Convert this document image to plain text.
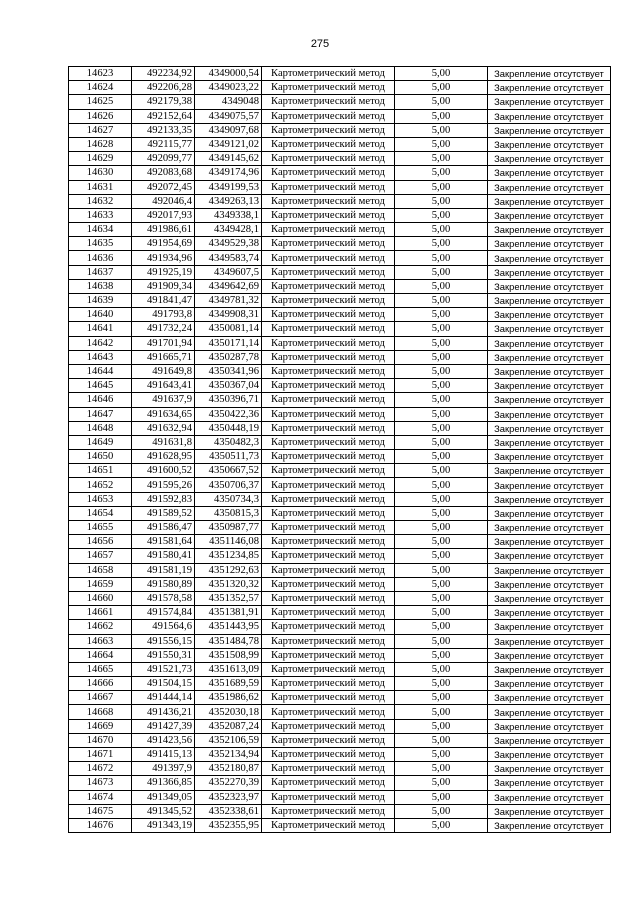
275
14623	492234,92	4349000,54	Картометрический метод	5,00	Закрепление отсутствует
14624	492206,28	4349023,22	Картометрический метод	5,00	Закрепление отсутствует
14625	492179,38	4349048	Картометрический метод	5,00	Закрепление отсутствует
14626	492152,64	4349075,57	Картометрический метод	5,00	Закрепление отсутствует
14627	492133,35	4349097,68	Картометрический метод	5,00	Закрепление отсутствует
14628	492115,77	4349121,02	Картометрический метод	5,00	Закрепление отсутствует
14629	492099,77	4349145,62	Картометрический метод	5,00	Закрепление отсутствует
14630	492083,68	4349174,96	Картометрический метод	5,00	Закрепление отсутствует
14631	492072,45	4349199,53	Картометрический метод	5,00	Закрепление отсутствует
14632	492046,4	4349263,13	Картометрический метод	5,00	Закрепление отсутствует
14633	492017,93	4349338,1	Картометрический метод	5,00	Закрепление отсутствует
14634	491986,61	4349428,1	Картометрический метод	5,00	Закрепление отсутствует
14635	491954,69	4349529,38	Картометрический метод	5,00	Закрепление отсутствует
14636	491934,96	4349583,74	Картометрический метод	5,00	Закрепление отсутствует
14637	491925,19	4349607,5	Картометрический метод	5,00	Закрепление отсутствует
14638	491909,34	4349642,69	Картометрический метод	5,00	Закрепление отсутствует
14639	491841,47	4349781,32	Картометрический метод	5,00	Закрепление отсутствует
14640	491793,8	4349908,31	Картометрический метод	5,00	Закрепление отсутствует
14641	491732,24	4350081,14	Картометрический метод	5,00	Закрепление отсутствует
14642	491701,94	4350171,14	Картометрический метод	5,00	Закрепление отсутствует
14643	491665,71	4350287,78	Картометрический метод	5,00	Закрепление отсутствует
14644	491649,8	4350341,96	Картометрический метод	5,00	Закрепление отсутствует
14645	491643,41	4350367,04	Картометрический метод	5,00	Закрепление отсутствует
14646	491637,9	4350396,71	Картометрический метод	5,00	Закрепление отсутствует
14647	491634,65	4350422,36	Картометрический метод	5,00	Закрепление отсутствует
14648	491632,94	4350448,19	Картометрический метод	5,00	Закрепление отсутствует
14649	491631,8	4350482,3	Картометрический метод	5,00	Закрепление отсутствует
14650	491628,95	4350511,73	Картометрический метод	5,00	Закрепление отсутствует
14651	491600,52	4350667,52	Картометрический метод	5,00	Закрепление отсутствует
14652	491595,26	4350706,37	Картометрический метод	5,00	Закрепление отсутствует
14653	491592,83	4350734,3	Картометрический метод	5,00	Закрепление отсутствует
14654	491589,52	4350815,3	Картометрический метод	5,00	Закрепление отсутствует
14655	491586,47	4350987,77	Картометрический метод	5,00	Закрепление отсутствует
14656	491581,64	4351146,08	Картометрический метод	5,00	Закрепление отсутствует
14657	491580,41	4351234,85	Картометрический метод	5,00	Закрепление отсутствует
14658	491581,19	4351292,63	Картометрический метод	5,00	Закрепление отсутствует
14659	491580,89	4351320,32	Картометрический метод	5,00	Закрепление отсутствует
14660	491578,58	4351352,57	Картометрический метод	5,00	Закрепление отсутствует
14661	491574,84	4351381,91	Картометрический метод	5,00	Закрепление отсутствует
14662	491564,6	4351443,95	Картометрический метод	5,00	Закрепление отсутствует
14663	491556,15	4351484,78	Картометрический метод	5,00	Закрепление отсутствует
14664	491550,31	4351508,99	Картометрический метод	5,00	Закрепление отсутствует
14665	491521,73	4351613,09	Картометрический метод	5,00	Закрепление отсутствует
14666	491504,15	4351689,59	Картометрический метод	5,00	Закрепление отсутствует
14667	491444,14	4351986,62	Картометрический метод	5,00	Закрепление отсутствует
14668	491436,21	4352030,18	Картометрический метод	5,00	Закрепление отсутствует
14669	491427,39	4352087,24	Картометрический метод	5,00	Закрепление отсутствует
14670	491423,56	4352106,59	Картометрический метод	5,00	Закрепление отсутствует
14671	491415,13	4352134,94	Картометрический метод	5,00	Закрепление отсутствует
14672	491397,9	4352180,87	Картометрический метод	5,00	Закрепление отсутствует
14673	491366,85	4352270,39	Картометрический метод	5,00	Закрепление отсутствует
14674	491349,05	4352323,97	Картометрический метод	5,00	Закрепление отсутствует
14675	491345,52	4352338,61	Картометрический метод	5,00	Закрепление отсутствует
14676	491343,19	4352355,95	Картометрический метод	5,00	Закрепление отсутствует
